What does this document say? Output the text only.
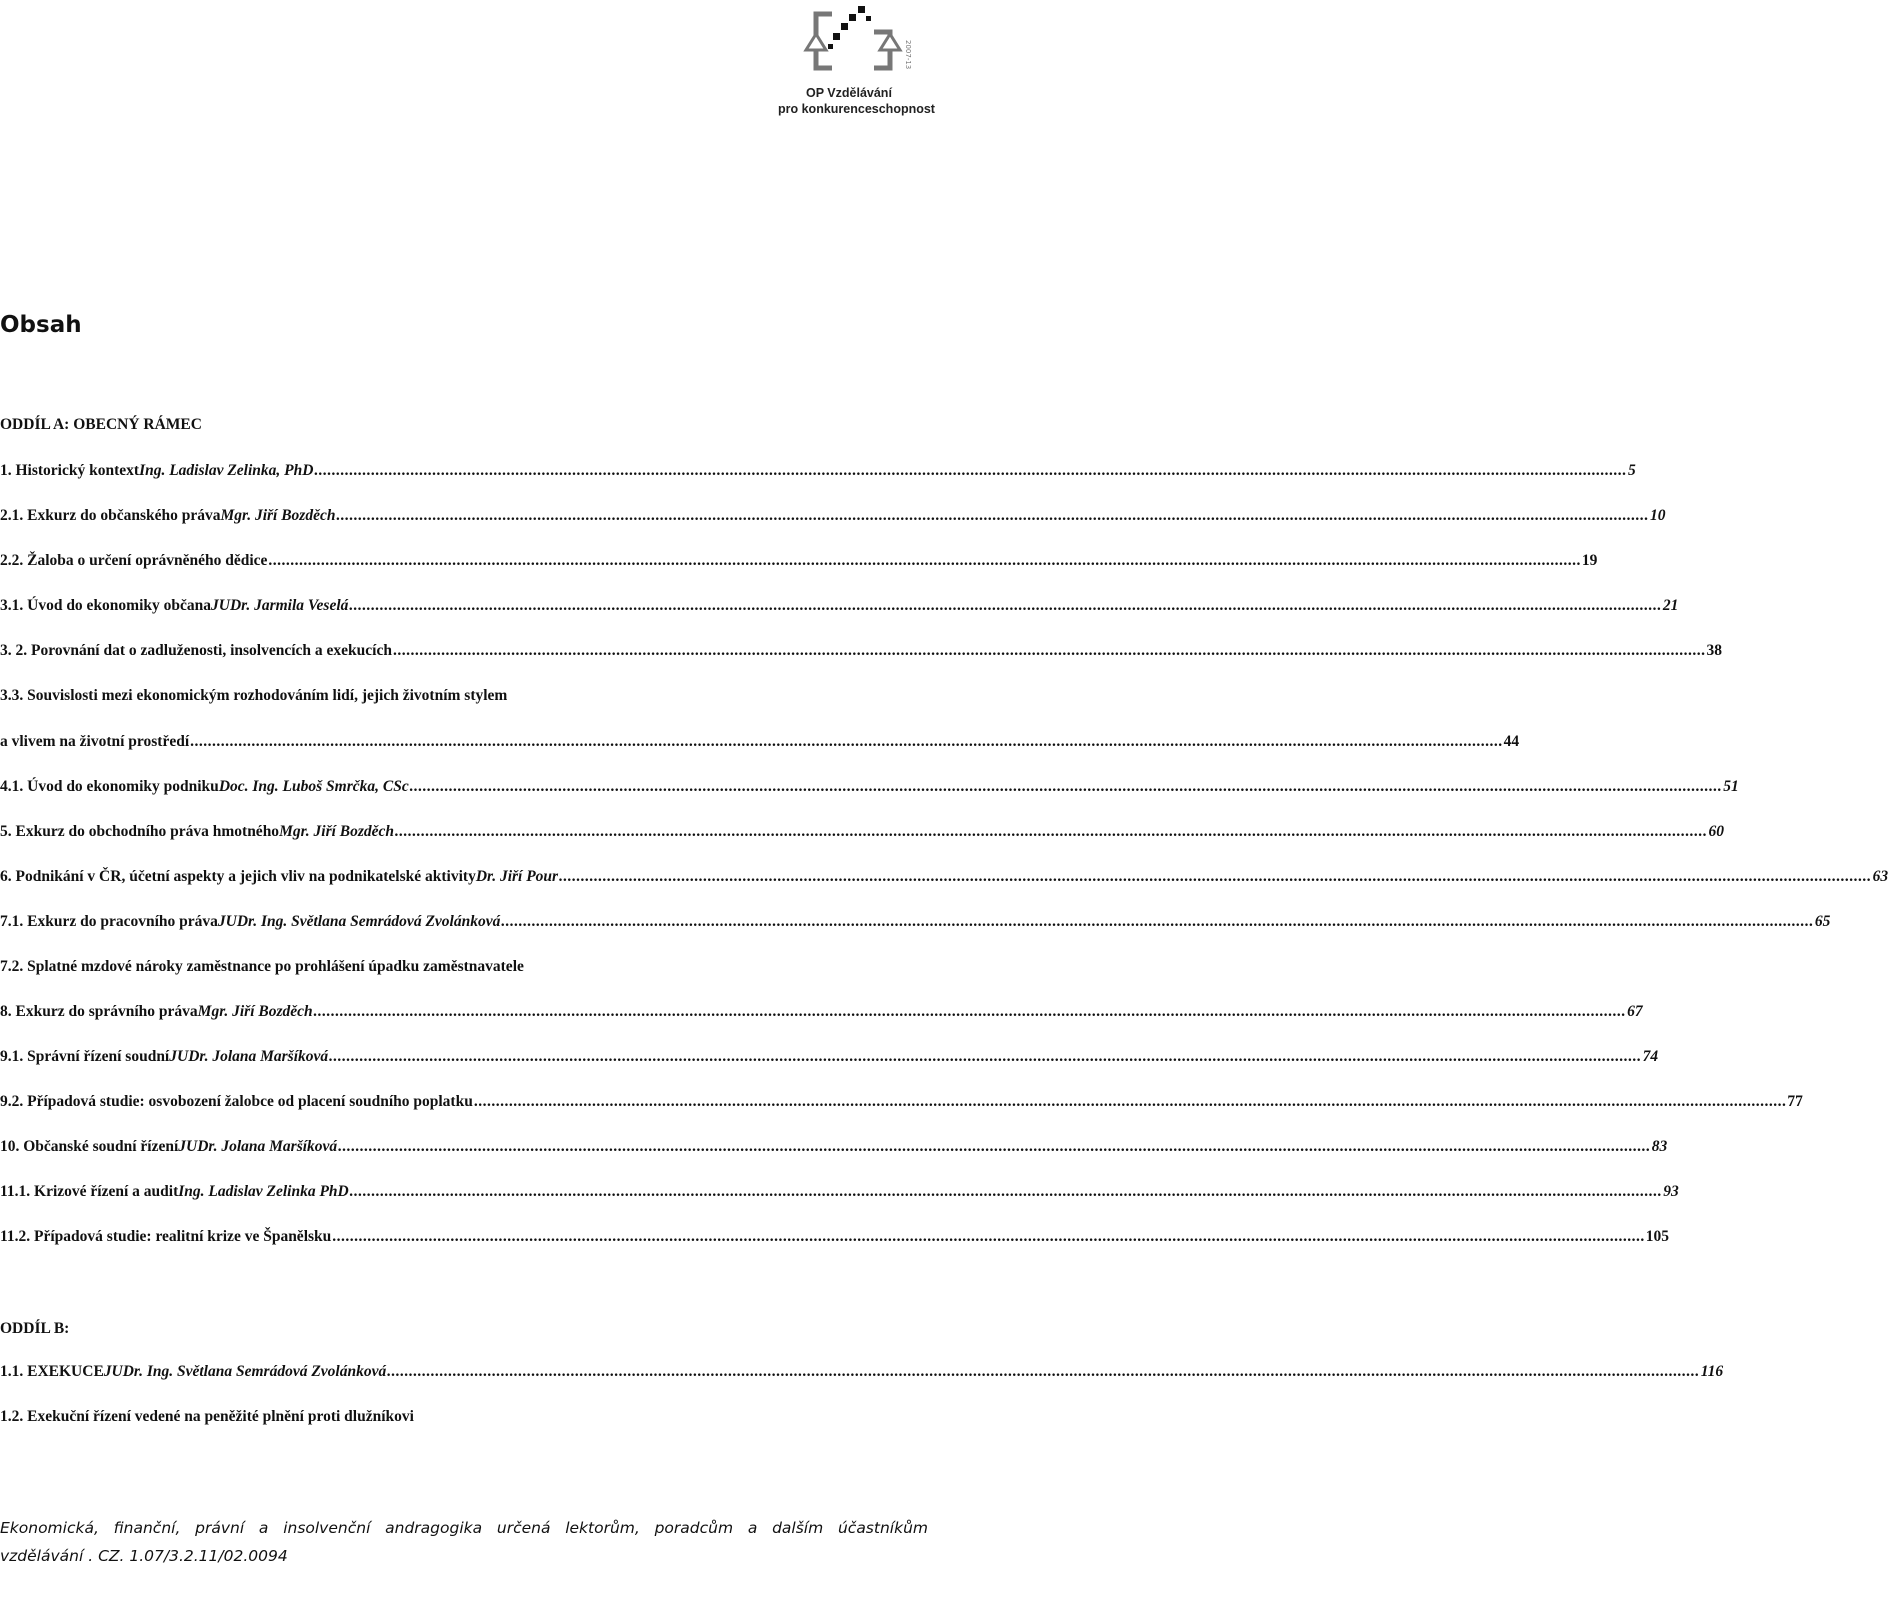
2007-13
OP Vzdělávání
pro konkurenceschopnost
Obsah
ODDÍL A: OBECNÝ RÁMEC
1. Historický kontext Ing. Ladislav Zelinka, PhD ............................................................................................................................................................................................................................................................................................................ 5
2.1. Exkurz do občanského práva Mgr. Jiří Bozděch ............................................................................................................................................................................................................................................................................................................ 10
2.2. Žaloba o určení oprávněného dědice ............................................................................................................................................................................................................................................................................................................ 19
3.1. Úvod do ekonomiky občana JUDr. Jarmila Veselá ............................................................................................................................................................................................................................................................................................................ 21
3. 2. Porovnání dat o zadluženosti, insolvencích a exekucích ............................................................................................................................................................................................................................................................................................................ 38
3.3. Souvislosti mezi ekonomickým rozhodováním lidí, jejich životním stylem
a vlivem na životní prostředí ............................................................................................................................................................................................................................................................................................................ 44
4.1. Úvod do ekonomiky podniku Doc. Ing. Luboš Smrčka, CSc ............................................................................................................................................................................................................................................................................................................ 51
5. Exkurz do obchodního práva hmotného Mgr. Jiří Bozděch ............................................................................................................................................................................................................................................................................................................ 60
6. Podnikání v ČR, účetní aspekty a jejich vliv na podnikatelské aktivity Dr. Jiří Pour ............................................................................................................................................................................................................................................................................................................ 63
7.1. Exkurz do pracovního práva JUDr. Ing. Světlana Semrádová Zvolánková ............................................................................................................................................................................................................................................................................................................ 65
7.2. Splatné mzdové nároky zaměstnance po prohlášení úpadku zaměstnavatele
8. Exkurz do správního práva Mgr. Jiří Bozděch ............................................................................................................................................................................................................................................................................................................ 67
9.1. Správní řízení soudní JUDr. Jolana Maršíková ............................................................................................................................................................................................................................................................................................................ 74
9.2. Případová studie: osvobození žalobce od placení soudního poplatku ............................................................................................................................................................................................................................................................................................................ 77
10. Občanské soudní řízení JUDr. Jolana Maršíková ............................................................................................................................................................................................................................................................................................................ 83
11.1. Krizové řízení a audit Ing. Ladislav Zelinka PhD ............................................................................................................................................................................................................................................................................................................ 93
11.2. Případová studie: realitní krize ve Španělsku ............................................................................................................................................................................................................................................................................................................ 105
ODDÍL B:
1.1. EXEKUCE JUDr. Ing. Světlana Semrádová Zvolánková ............................................................................................................................................................................................................................................................................................................ 116
1.2. Exekuční řízení vedené na peněžité plnění proti dlužníkovi
Ekonomická, finanční, právní a insolvenční andragogika určená lektorům, poradcům a dalším účastníkům
vzdělávání . CZ. 1.07/3.2.11/02.0094
